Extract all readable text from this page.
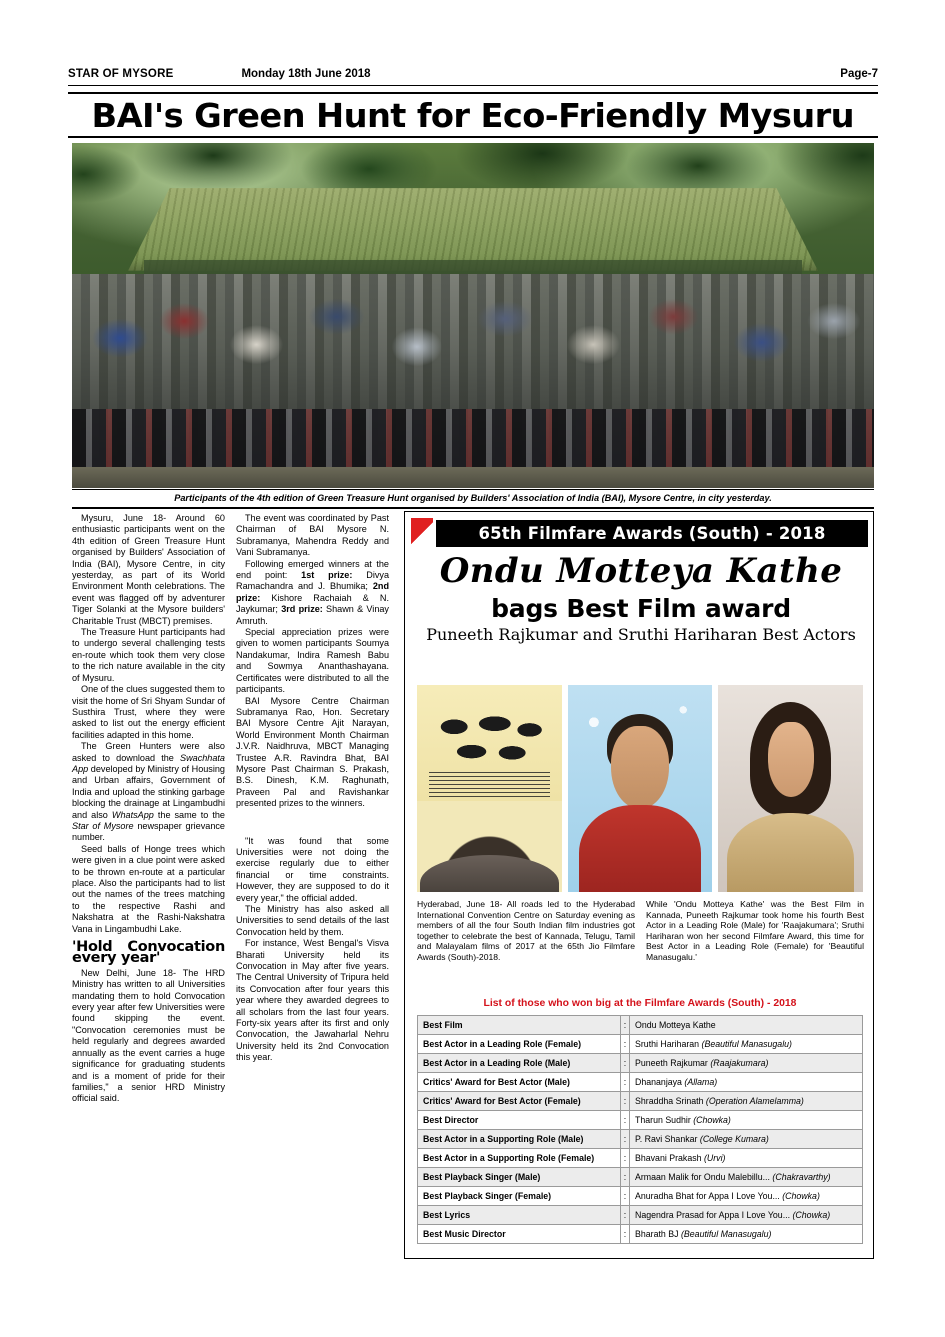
STAR OF MYSORE	Monday 18th June 2018	Page-7
BAI's Green Hunt for Eco-Friendly Mysuru
Participants of the 4th edition of Green Treasure Hunt organised by Builders' Association of India (BAI), Mysore Centre, in city yesterday.

Mysuru, June 18- Around 60 enthusiastic participants went on the 4th edition of Green Treasure Hunt organised by Builders' Association of India (BAI), Mysore Centre, in city yesterday, as part of its World Environment Month celebrations. The event was flagged off by adventurer Tiger Solanki at the Mysore builders' Charitable Trust (MBCT) premises.

The Treasure Hunt participants had to undergo several challenging tests en-route which took them very close to the rich nature available in the city of Mysuru.

One of the clues suggested them to visit the home of Sri Shyam Sundar of Susthira Trust, where they were asked to list out the energy efficient facilities adapted in this home.

The Green Hunters were also asked to download the Swachhata App developed by Ministry of Housing and Urban affairs, Government of India and upload the stinking garbage blocking the drainage at Lingambudhi and also WhatsApp the same to the Star of Mysore newspaper grievance number.

Seed balls of Honge trees which were given in a clue point were asked to be thrown en-route at a particular place. Also the participants had to list out the names of the trees matching to the respective Rashi and Nakshatra at the Rashi-Nakshatra Vana in Lingambudhi Lake.

'Hold Convocation every year'

New Delhi, June 18- The HRD Ministry has written to all Universities mandating them to hold Convocation every year after few Universities were found skipping the event. "Convocation ceremonies must be held regularly and degrees awarded annually as the event carries a huge significance for graduating students and is a moment of pride for their families," a senior HRD Ministry official said.

The event was coordinated by Past Chairman of BAI Mysore N. Subramanya, Mahendra Reddy and Vani Subramanya.

Following emerged winners at the end point: 1st prize: Divya Ramachandra and J. Bhumika; 2nd prize: Kishore Rachaiah & N. Jaykumar; 3rd prize: Shawn & Vinay Amruth.

Special appreciation prizes were given to women participants Soumya Nandakumar, Indira Ramesh Babu and Sowmya Ananthashayana. Certificates were distributed to all the participants.

BAI Mysore Centre Chairman Subramanya Rao, Hon. Secretary BAI Mysore Centre Ajit Narayan, World Environment Month Chairman J.V.R. Naidhruva, MBCT Managing Trustee A.R. Ravindra Bhat, BAI Mysore Past Chairman S. Prakash, B.S. Dinesh, K.M. Raghunath, Praveen Pal and Ravishankar presented prizes to the winners.

"It was found that some Universities were not doing the exercise regularly due to either financial or time constraints. However, they are supposed to do it every year," the official added.

The Ministry has also asked all Universities to send details of the last Convocation held by them.

For instance, West Bengal's Visva Bharati University held its Convocation in May after five years. The Central University of Tripura held its Convocation after four years this year where they awarded degrees to all scholars from the last four years. Forty-six years after its first and only Convocation, the Jawaharlal Nehru University held its 2nd Convocation this year.

65th Filmfare Awards (South) - 2018
Ondu Motteya Kathe
bags Best Film award
Puneeth Rajkumar and Sruthi Hariharan Best Actors
Hyderabad, June 18- All roads led to the Hyderabad International Convention Centre on Saturday evening as members of all the four South Indian film industries got together to celebrate the best of Kannada, Telugu, Tamil and Malayalam films of 2017 at the 65th Jio Filmfare Awards (South)-2018.
While 'Ondu Motteya Kathe' was the Best Film in Kannada, Puneeth Rajkumar took home his fourth Best Actor in a Leading Role (Male) for 'Raajakumara'; Sruthi Hariharan won her second Filmfare Award, this time for Best Actor in a Leading Role (Female) for 'Beautiful Manasugalu.'
List of those who won big at the Filmfare Awards (South) - 2018
Best Film	:	Ondu Motteya Kathe
Best Actor in a Leading Role (Female)	:	Sruthi Hariharan (Beautiful Manasugalu)
Best Actor in a Leading Role (Male)	:	Puneeth Rajkumar (Raajakumara)
Critics' Award for Best Actor (Male)	:	Dhananjaya (Allama)
Critics' Award for Best Actor (Female)	:	Shraddha Srinath (Operation Alamelamma)
Best Director	:	Tharun Sudhir (Chowka)
Best Actor in a Supporting Role (Male)	:	P. Ravi Shankar (College Kumara)
Best Actor in a Supporting Role (Female)	:	Bhavani Prakash (Urvi)
Best Playback Singer (Male)	:	Armaan Malik for Ondu Malebillu... (Chakravarthy)
Best Playback Singer (Female)	:	Anuradha Bhat for Appa I Love You... (Chowka)
Best Lyrics	:	Nagendra Prasad for Appa I Love You... (Chowka)
Best Music Director	:	Bharath BJ (Beautiful Manasugalu)
